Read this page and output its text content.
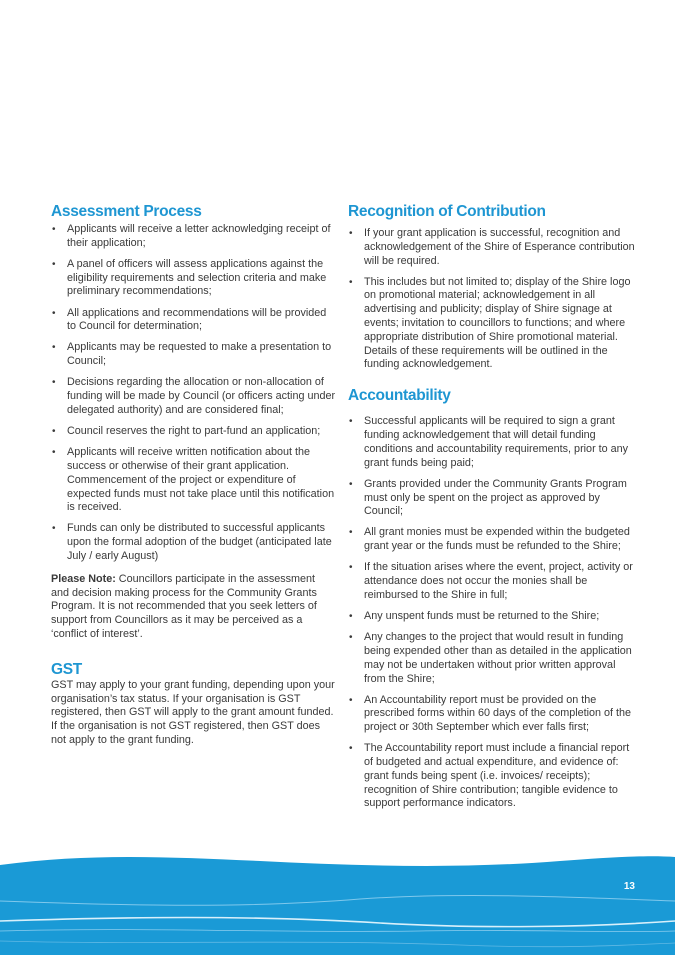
Assessment Process
• Applicants will receive a letter acknowledging receipt of their application;
• A panel of officers will assess applications against the eligibility requirements and selection criteria and make preliminary recommendations;
• All applications and recommendations will be provided to Council for determination;
• Applicants may be requested to make a presentation to Council;
• Decisions regarding the allocation or non-allocation of funding will be made by Council (or officers acting under delegated authority) and are considered final;
• Council reserves the right to part-fund an application;
• Applicants will receive written notification about the success or otherwise of their grant application. Commencement of the project or expenditure of expected funds must not take place until this notification is received.
• Funds can only be distributed to successful applicants upon the formal adoption of the budget (anticipated late July / early August)

Please Note: Councillors participate in the assessment and decision making process for the Community Grants Program. It is not recommended that you seek letters of support from Councillors as it may be perceived as a ‘conflict of interest’.

GST

GST may apply to your grant funding, depending upon your organisation’s tax status. If your organisation is GST registered, then GST will apply to the grant amount funded. If the organisation is not GST registered, then GST does not apply to the grant funding.

Recognition of Contribution
• If your grant application is successful, recognition and acknowledgement of the Shire of Esperance contribution will be required.
• This includes but not limited to; display of the Shire logo on promotional material; acknowledgement in all advertising and publicity; display of Shire signage at events; invitation to councillors to functions; and where appropriate distribution of Shire promotional material. Details of these requirements will be outlined in the funding acknowledgement.
Accountability
• Successful applicants will be required to sign a grant funding acknowledgement that will detail funding conditions and accountability requirements, prior to any grant funds being paid;
• Grants provided under the Community Grants Program must only be spent on the project as approved by Council;
• All grant monies must be expended within the budgeted grant year or the funds must be refunded to the Shire;
• If the situation arises where the event, project, activity or attendance does not occur the monies shall be reimbursed to the Shire in full;
• Any unspent funds must be returned to the Shire;
• Any changes to the project that would result in funding being expended other than as detailed in the application may not be undertaken without prior written approval from the Shire;
• An Accountability report must be provided on the prescribed forms within 60 days of the completion of the project or 30th September which ever falls first;
• The Accountability report must include a financial report of budgeted and actual expenditure, and evidence of: grant funds being spent (i.e. invoices/ receipts); recognition of Shire contribution; tangible evidence to support performance indicators.
13
